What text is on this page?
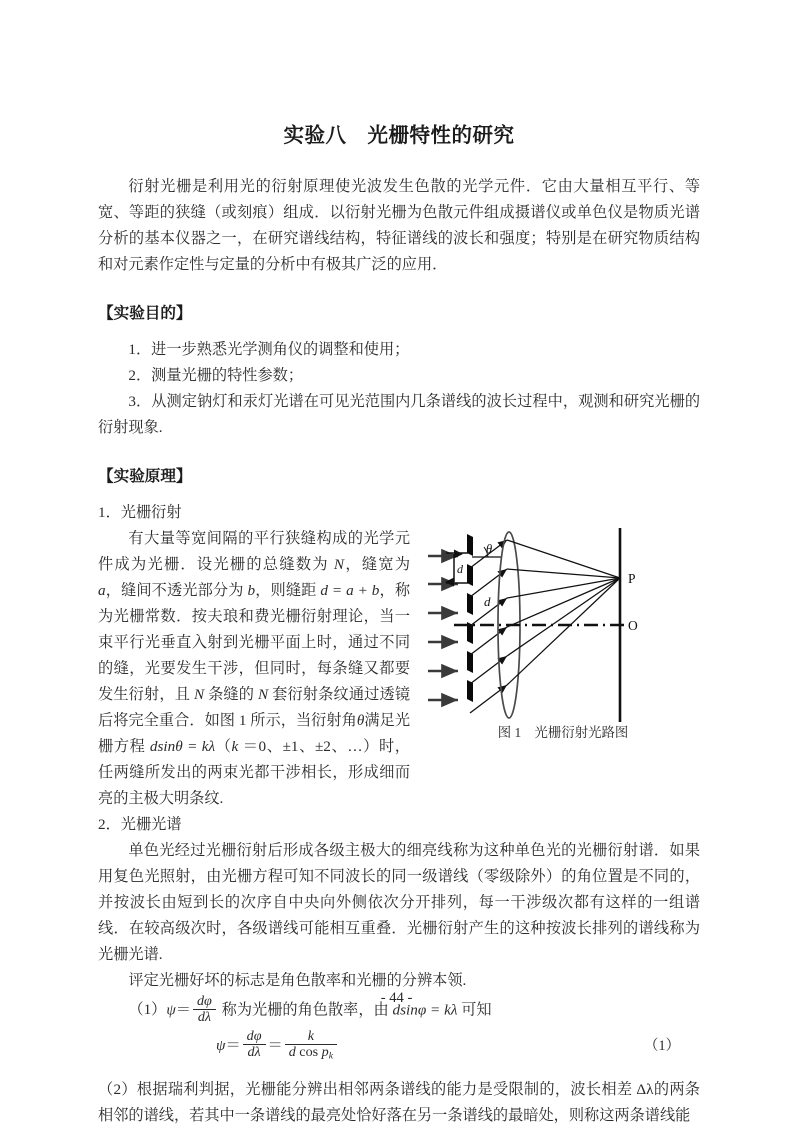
实验八　光栅特性的研究

衍射光栅是利用光的衍射原理使光波发生色散的光学元件．它由大量相互平行、等宽、等距的狭缝（或刻痕）组成．以衍射光栅为色散元件组成摄谱仪或单色仪是物质光谱分析的基本仪器之一，在研究谱线结构，特征谱线的波长和强度；特别是在研究物质结构和对元素作定性与定量的分析中有极其广泛的应用．

【实验目的】

1．进一步熟悉光学测角仪的调整和使用；

2．测量光栅的特性参数；

3．从测定钠灯和汞灯光谱在可见光范围内几条谱线的波长过程中，观测和研究光栅的衍射现象.

【实验原理】

1．光栅衍射

d
θ
d
P
O
图 1　光栅衍射光路图

有大量等宽间隔的平行狭缝构成的光学元件成为光栅．设光栅的总缝数为 N，缝宽为 a，缝间不透光部分为 b，则缝距 d = a + b，称为光栅常数．按夫琅和费光栅衍射理论，当一束平行光垂直入射到光栅平面上时，通过不同的缝，光要发生干涉，但同时，每条缝又都要发生衍射，且 N 条缝的 N 套衍射条纹通过透镜后将完全重合．如图 1 所示，当衍射角θ满足光栅方程 dsinθ = kλ（k ＝0、±1、±2、…）时，任两缝所发出的两束光都干涉相长，形成细而亮的主极大明条纹.

2．光栅光谱

单色光经过光栅衍射后形成各级主极大的细亮线称为这种单色光的光栅衍射谱．如果用复色光照射，由光栅方程可知不同波长的同一级谱线（零级除外）的角位置是不同的，并按波长由短到长的次序自中央向外侧依次分开排列，每一干涉级次都有这样的一组谱线．在较高级次时，各级谱线可能相互重叠．光栅衍射产生的这种按波长排列的谱线称为光栅光谱.

评定光栅好坏的标志是角色散率和光栅的分辨本领.

$(1)\psi= \frac{d\varphi}{d\lambda}$ 称为光栅的角色散率，由 dsinφ = kλ 可知

$\psi= \frac{d\varphi}{d\lambda} = \frac{k}{d \cos p_k}$	（1）

（2）根据瑞利判据，光栅能分辨出相邻两条谱线的能力是受限制的，波长相差 Δλ的两条相邻的谱线，若其中一条谱线的最亮处恰好落在另一条谱线的最暗处，则称这两条谱线能

- 44 -
